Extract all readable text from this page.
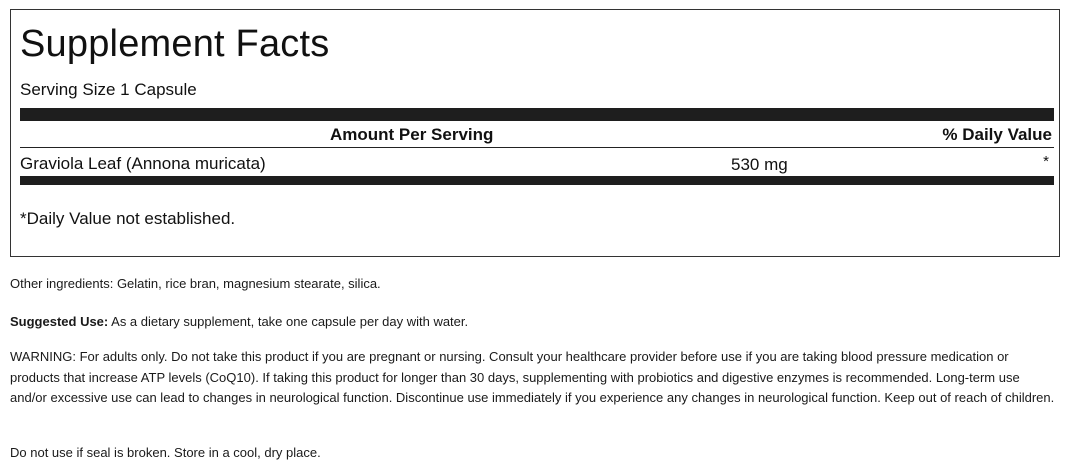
Supplement Facts
Serving Size 1 Capsule
Amount Per Serving	% Daily Value
Graviola Leaf (Annona muricata)	530 mg	*
*Daily Value not established.
Other ingredients: Gelatin, rice bran, magnesium stearate, silica.
Suggested Use: As a dietary supplement, take one capsule per day with water.
WARNING: For adults only. Do not take this product if you are pregnant or nursing. Consult your healthcare provider before use if you are taking blood pressure medication or products that increase ATP levels (CoQ10). If taking this product for longer than 30 days, supplementing with probiotics and digestive enzymes is recommended. Long-term use and/or excessive use can lead to changes in neurological function. Discontinue use immediately if you experience any changes in neurological function. Keep out of reach of children.
Do not use if seal is broken. Store in a cool, dry place.
